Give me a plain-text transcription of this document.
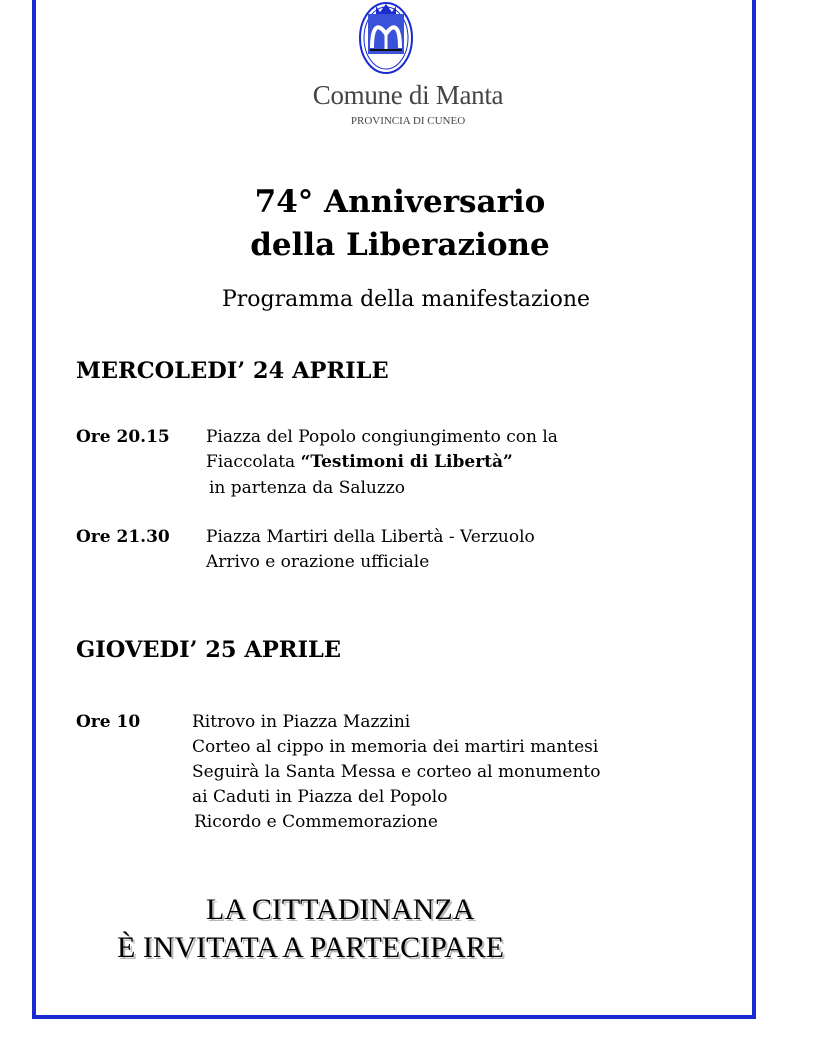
Comune di Manta
PROVINCIA DI CUNEO
74° Anniversario
della Liberazione
Programma della manifestazione
MERCOLEDI’ 24 APRILE
Ore 20.15 Piazza del Popolo congiungimento con la
Fiaccolata “Testimoni di Libertà”
in partenza da Saluzzo
Ore 21.30 Piazza Martiri della Libertà - Verzuolo
Arrivo e orazione ufficiale
GIOVEDI’ 25 APRILE
Ore 10	Ritrovo in Piazza Mazzini
Corteo al cippo in memoria dei martiri mantesi
Seguirà la Santa Messa e corteo al monumento
ai Caduti in Piazza del Popolo
Ricordo e Commemorazione
LA CITTADINANZA
È INVITATA A PARTECIPARE
